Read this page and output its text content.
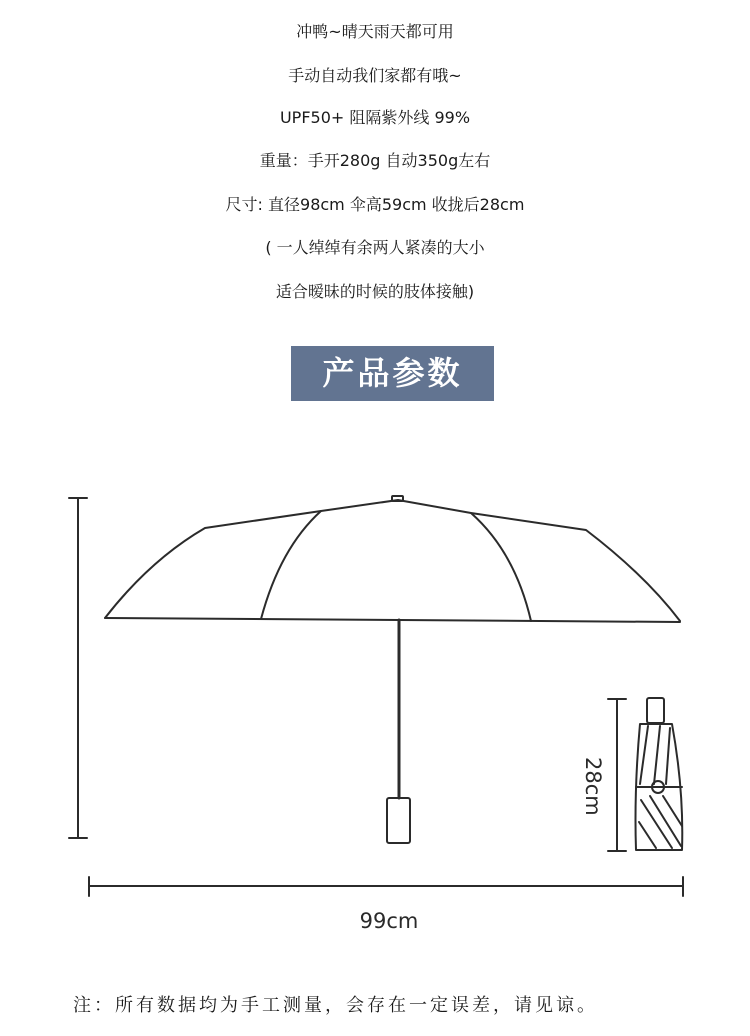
冲鸭~晴天雨天都可用
手动自动我们家都有哦~
UPF50+ 阻隔紫外线 99%
重量：手开280g 自动350g左右
尺寸: 直径98cm 伞高59cm 收拢后28cm
( 一人绰绰有余两人紧凑的大小
适合暧昧的时候的肢体接触)
产品参数
99cm
28cm
注：所有数据均为手工测量，会存在一定误差，请见谅。
